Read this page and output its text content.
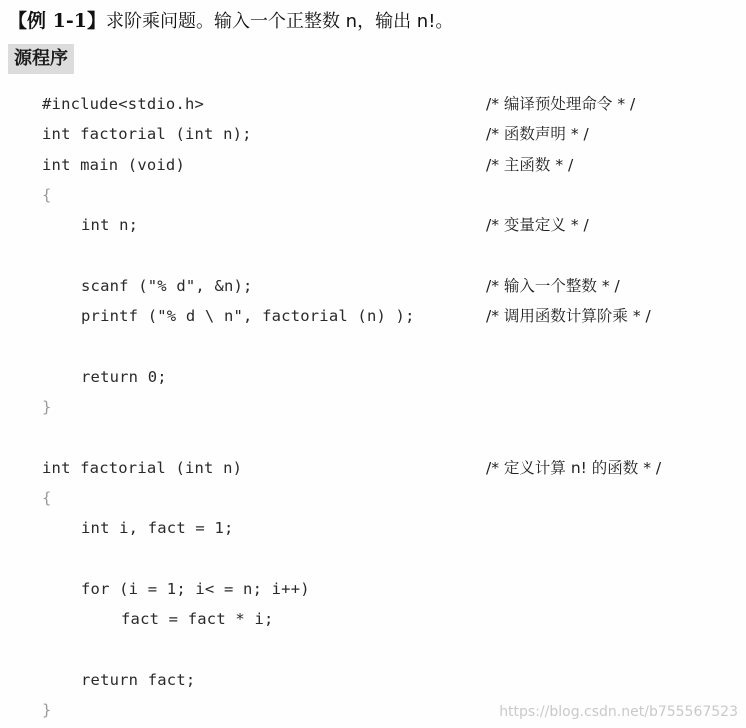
【例 1-1】求阶乘问题。输入一个正整数 n，输出 n!。
源程序
#include<stdio.h>	/* 编译预处理命令 * /
int factorial (int n);	/* 函数声明 * /
int main (void)	/* 主函数 * /
{
int n;	/* 变量定义 * /
scanf ("% d", &n);	/* 输入一个整数 * /
printf ("% d \ n", factorial (n) );	/* 调用函数计算阶乘 * /
return 0;
}
int factorial (int n)	/* 定义计算 n! 的函数 * /
{
int i, fact = 1;
for (i = 1; i< = n; i++)
fact = fact * i;
return fact;
}	https://blog.csdn.net/b755567523
